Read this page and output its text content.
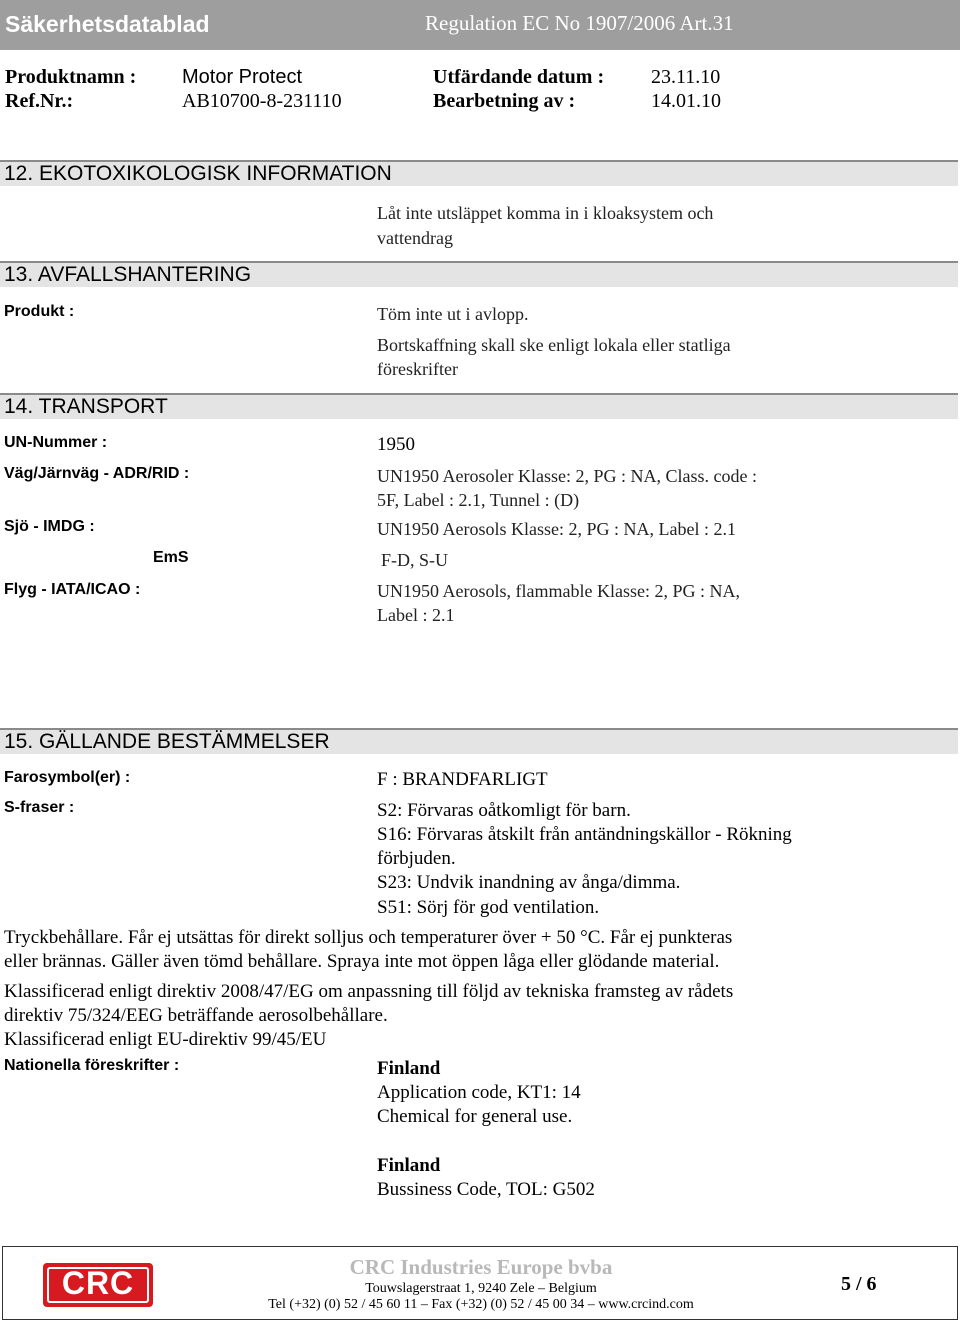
Säkerhetsdatablad	Regulation EC No 1907/2006 Art.31
Produktnamn : Motor Protect	Utfärdande datum : 23.11.10
Ref.Nr.:	AB10700-8-231110	Bearbetning av :	14.01.10
12. EKOTOXIKOLOGISK INFORMATION
Låt inte utsläppet komma in i kloaksystem och
vattendrag
13. AVFALLSHANTERING
Produkt :	Töm inte ut i avlopp.
Bortskaffning skall ske enligt lokala eller statliga
föreskrifter
14. TRANSPORT
UN-Nummer :	1950
Väg/Järnväg - ADR/RID :	UN1950 Aerosoler Klasse: 2, PG : NA, Class. code :
5F, Label : 2.1, Tunnel : (D)
Sjö - IMDG :	UN1950 Aerosols Klasse: 2, PG : NA, Label : 2.1
EmS	F-D, S-U
Flyg - IATA/ICAO :	UN1950 Aerosols, flammable Klasse: 2, PG : NA,
Label : 2.1
15. GÄLLANDE BESTÄMMELSER
Farosymbol(er) :	F : BRANDFARLIGT
S-fraser :	S2: Förvaras oåtkomligt för barn.
S16: Förvaras åtskilt från antändningskällor - Rökning
förbjuden.
S23: Undvik inandning av ånga/dimma.
S51: Sörj för god ventilation.
Tryckbehållare. Får ej utsättas för direkt solljus och temperaturer över + 50 °C. Får ej punkteras
eller brännas. Gäller även tömd behållare. Spraya inte mot öppen låga eller glödande material.
Klassificerad enligt direktiv 2008/47/EG om anpassning till följd av tekniska framsteg av rådets
direktiv 75/324/EEG beträffande aerosolbehållare.
Klassificerad enligt EU-direktiv 99/45/EU
Nationella föreskrifter :	Finland
Application code, KT1: 14
Chemical for general use.
Finland
Bussiness Code, TOL: G502
CRC	CRC Industries Europe bvba
Touwslagerstraat 1, 9240 Zele – Belgium
Tel (+32) (0) 52 / 45 60 11 – Fax (+32) (0) 52 / 45 00 34 – www.crcind.com
5 / 6
